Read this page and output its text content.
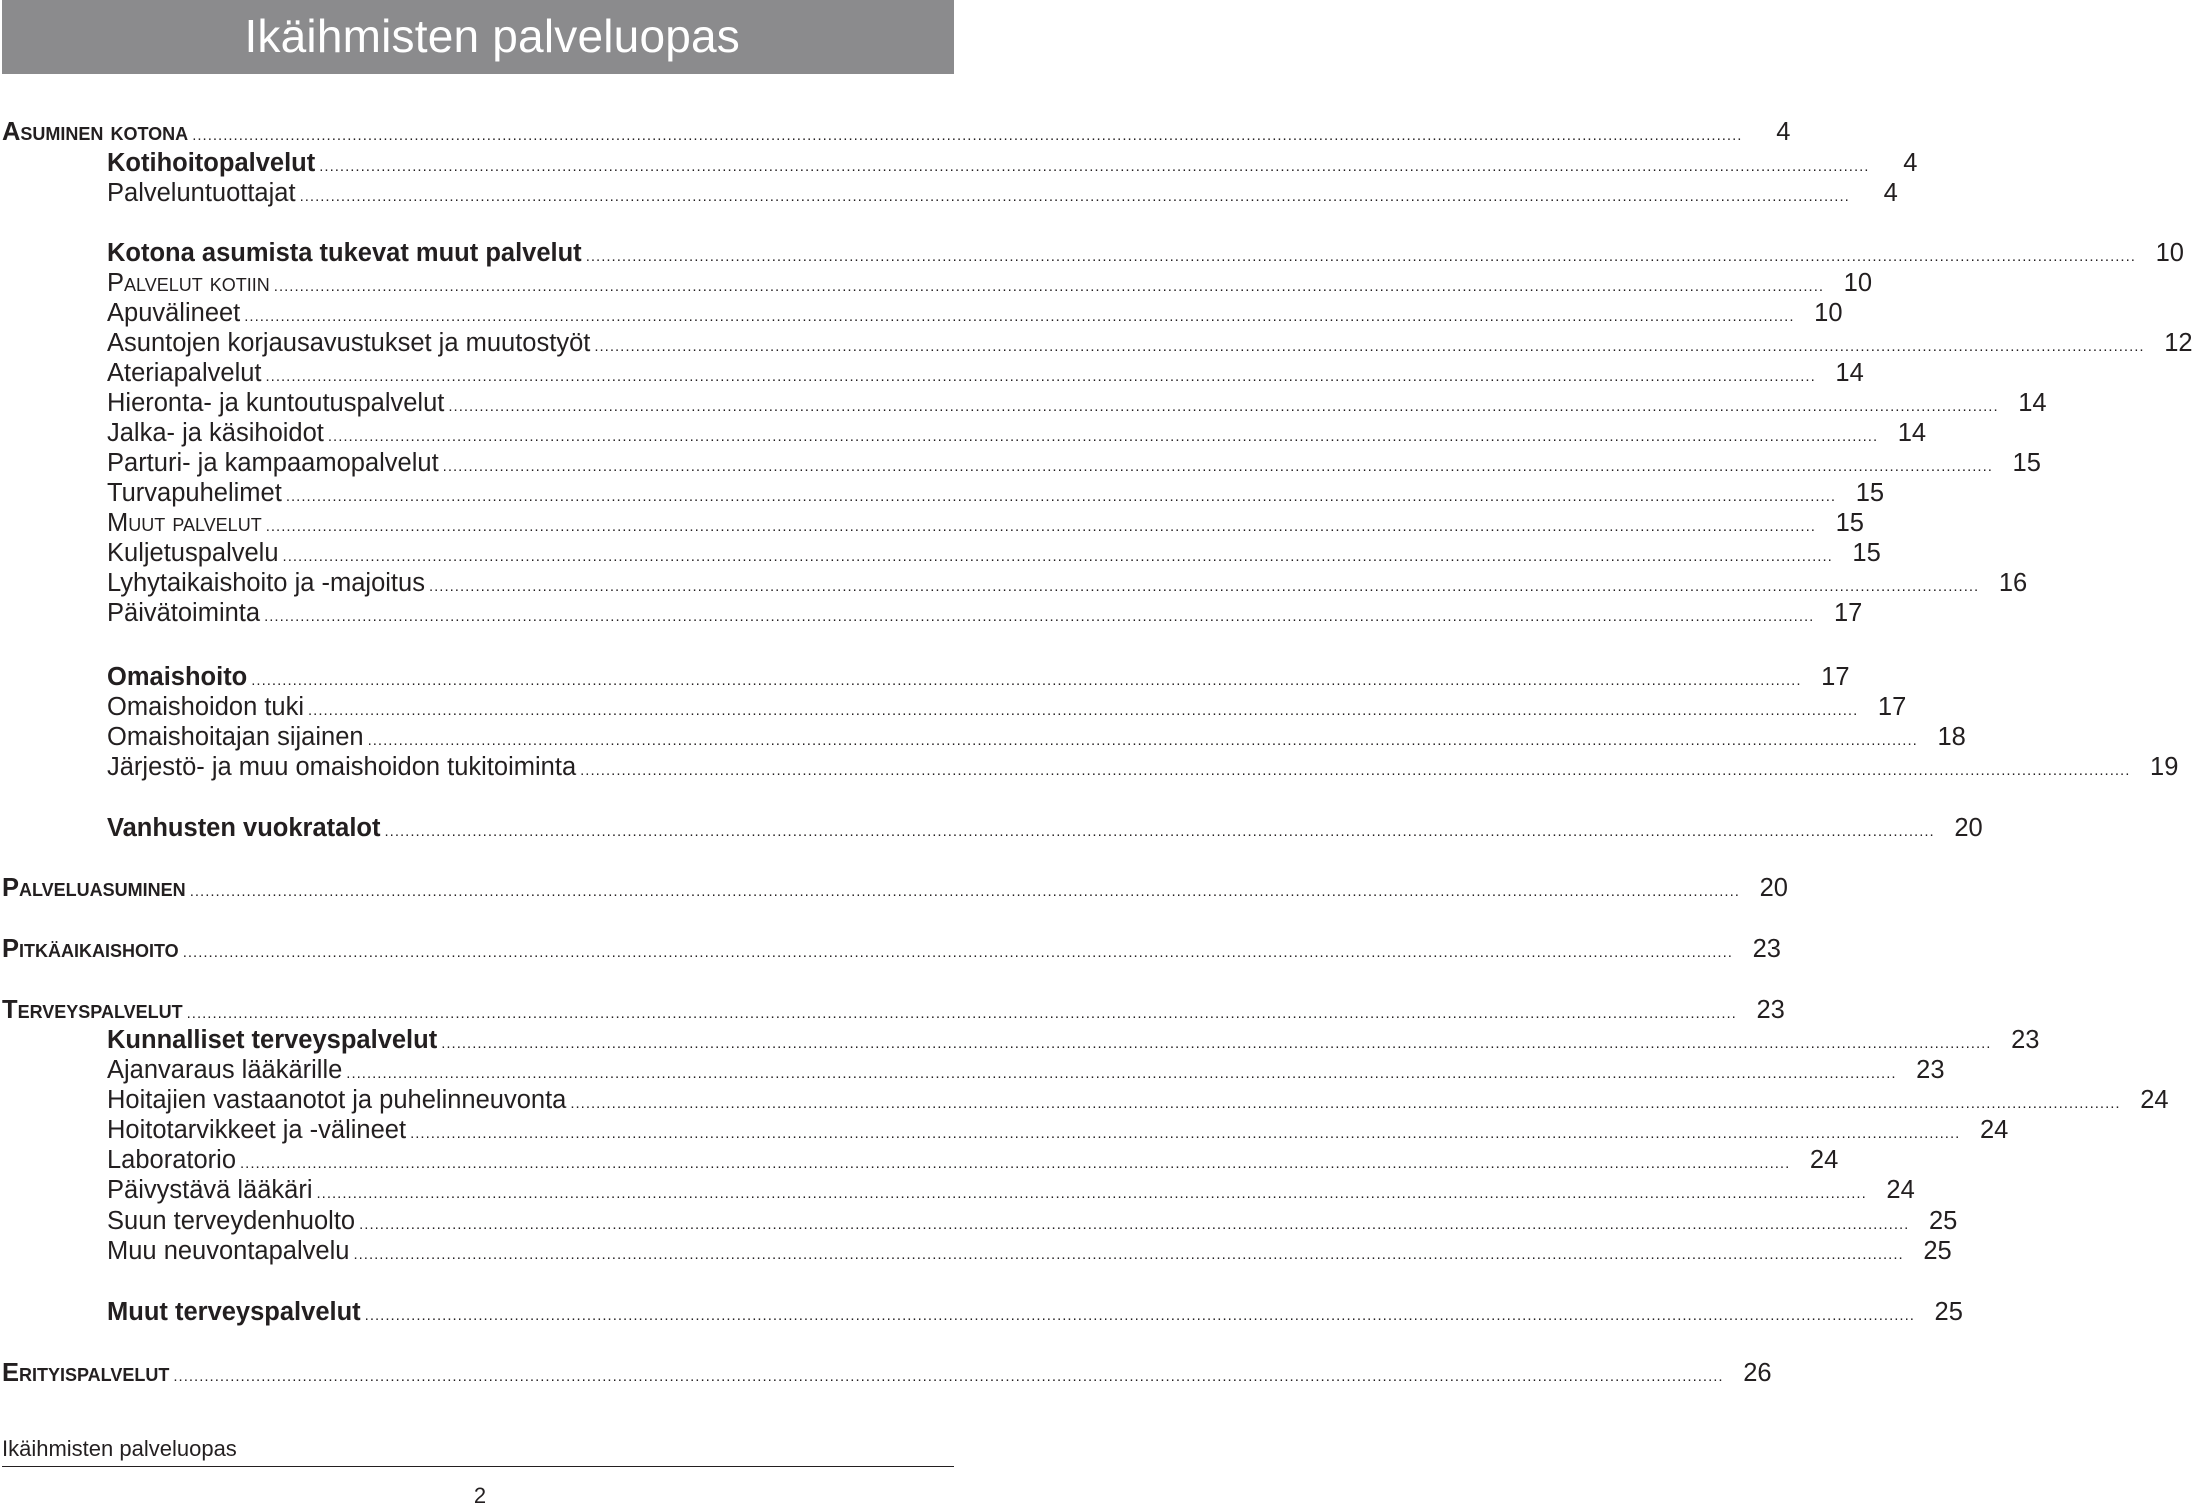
Ikäihmisten palveluopas
Asuminen kotona ............................................................................................................................................................................................................................................................................................................	4
Kotihoitopalvelut ............................................................................................................................................................................................................................................................................................................	4
Palveluntuottajat ............................................................................................................................................................................................................................................................................................................	4
Kotona asumista tukevat muut palvelut ............................................................................................................................................................................................................................................................................................................ 10
Palvelut kotiin ............................................................................................................................................................................................................................................................................................................ 10
Apuvälineet ............................................................................................................................................................................................................................................................................................................ 10
Asuntojen korjausavustukset ja muutostyöt ............................................................................................................................................................................................................................................................................................................ 12
Ateriapalvelut ............................................................................................................................................................................................................................................................................................................ 14
Hieronta- ja kuntoutuspalvelut ............................................................................................................................................................................................................................................................................................................ 14
Jalka- ja käsihoidot ............................................................................................................................................................................................................................................................................................................ 14
Parturi- ja kampaamopalvelut ............................................................................................................................................................................................................................................................................................................ 15
Turvapuhelimet ............................................................................................................................................................................................................................................................................................................ 15
Muut palvelut ............................................................................................................................................................................................................................................................................................................ 15
Kuljetuspalvelu ............................................................................................................................................................................................................................................................................................................ 15
Lyhytaikaishoito ja -majoitus ............................................................................................................................................................................................................................................................................................................ 16
Päivätoiminta ............................................................................................................................................................................................................................................................................................................ 17
Omaishoito ............................................................................................................................................................................................................................................................................................................ 17
Omaishoidon tuki ............................................................................................................................................................................................................................................................................................................ 17
Omaishoitajan sijainen ............................................................................................................................................................................................................................................................................................................ 18
Järjestö- ja muu omaishoidon tukitoiminta ............................................................................................................................................................................................................................................................................................................ 19
Vanhusten vuokratalot ............................................................................................................................................................................................................................................................................................................ 20
Palveluasuminen ............................................................................................................................................................................................................................................................................................................ 20
Pitkäaikaishoito ............................................................................................................................................................................................................................................................................................................ 23
Terveyspalvelut ............................................................................................................................................................................................................................................................................................................ 23
Kunnalliset terveyspalvelut ............................................................................................................................................................................................................................................................................................................ 23
Ajanvaraus lääkärille ............................................................................................................................................................................................................................................................................................................ 23
Hoitajien vastaanotot ja puhelinneuvonta ............................................................................................................................................................................................................................................................................................................ 24
Hoitotarvikkeet ja -välineet ............................................................................................................................................................................................................................................................................................................ 24
Laboratorio ............................................................................................................................................................................................................................................................................................................ 24
Päivystävä lääkäri ............................................................................................................................................................................................................................................................................................................ 24
Suun terveydenhuolto ............................................................................................................................................................................................................................................................................................................ 25
Muu neuvontapalvelu ............................................................................................................................................................................................................................................................................................................ 25
Muut terveyspalvelut ............................................................................................................................................................................................................................................................................................................ 25
Erityispalvelut ............................................................................................................................................................................................................................................................................................................ 26
Ikäihmisten palveluopas
2
